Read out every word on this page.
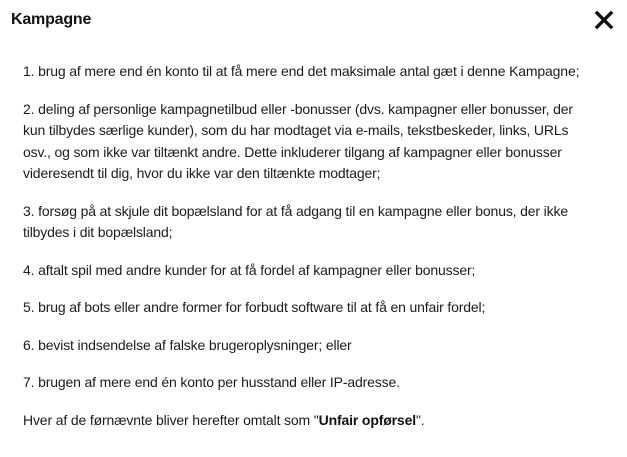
Kampagne

1. brug af mere end én konto til at få mere end det maksimale antal gæt i denne Kampagne;

2. deling af personlige kampagnetilbud eller -bonusser (dvs. kampagner eller bonusser, der kun tilbydes særlige kunder), som du har modtaget via e-mails, tekstbeskeder, links, URLs osv., og som ikke var tiltænkt andre. Dette inkluderer tilgang af kampagner eller bonusser videresendt til dig, hvor du ikke var den tiltænkte modtager;

3. forsøg på at skjule dit bopælsland for at få adgang til en kampagne eller bonus, der ikke tilbydes i dit bopælsland;

4. aftalt spil med andre kunder for at få fordel af kampagner eller bonusser;

5. brug af bots eller andre former for forbudt software til at få en unfair fordel;

6. bevist indsendelse af falske brugeroplysninger; eller

7. brugen af mere end én konto per husstand eller IP-adresse.

Hver af de førnævnte bliver herefter omtalt som "Unfair opførsel".
